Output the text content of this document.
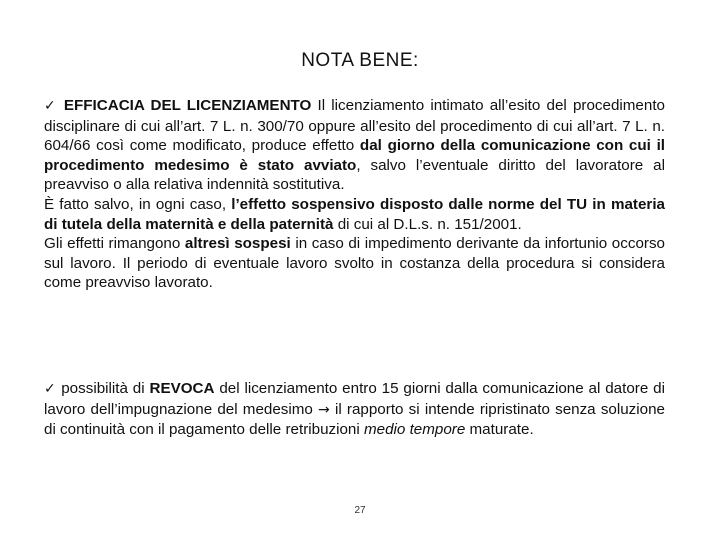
NOTA BENE:

✓ EFFICACIA DEL LICENZIAMENTO Il licenziamento intimato all’esito del procedimento disciplinare di cui all’art. 7 L. n. 300/70 oppure all’esito del procedimento di cui all’art. 7 L. n. 604/66 così come modificato, produce effetto dal giorno della comunicazione con cui il procedimento medesimo è stato avviato, salvo l’eventuale diritto del lavoratore al preavviso o alla relativa indennità sostitutiva.

È fatto salvo, in ogni caso, l’effetto sospensivo disposto dalle norme del TU in materia di tutela della maternità e della paternità di cui al D.L.s. n. 151/2001.

Gli effetti rimangono altresì sospesi in caso di impedimento derivante da infortunio occorso sul lavoro. Il periodo di eventuale lavoro svolto in costanza della procedura si considera come preavviso lavorato.

✓ possibilità di REVOCA del licenziamento entro 15 giorni dalla comunicazione al datore di lavoro dell’impugnazione del medesimo → il rapporto si intende ripristinato senza soluzione di continuità con il pagamento delle retribuzioni medio tempore maturate.

27
